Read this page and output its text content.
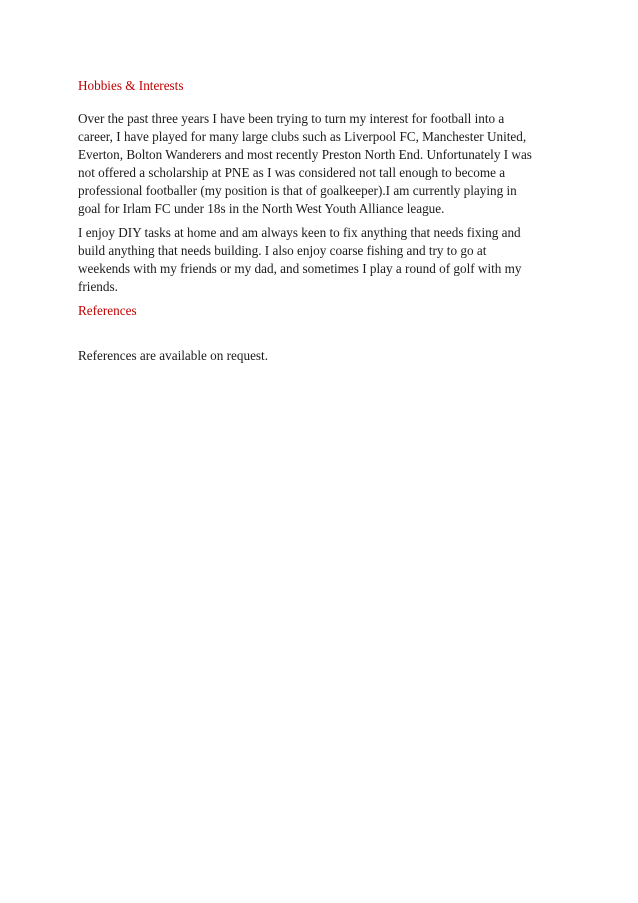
Hobbies & Interests

Over the past three years I have been trying to turn my interest for football into a
career, I have played for many large clubs such as Liverpool FC, Manchester United,
Everton, Bolton Wanderers and most recently Preston North End. Unfortunately I was
not offered a scholarship at PNE as I was considered not tall enough to become a
professional footballer (my position is that of goalkeeper).I am currently playing in
goal for Irlam FC under 18s in the North West Youth Alliance league.

I enjoy DIY tasks at home and am always keen to fix anything that needs fixing and
build anything that needs building. I also enjoy coarse fishing and try to go at
weekends with my friends or my dad, and sometimes I play a round of golf with my
friends.

References

References are available on request.
